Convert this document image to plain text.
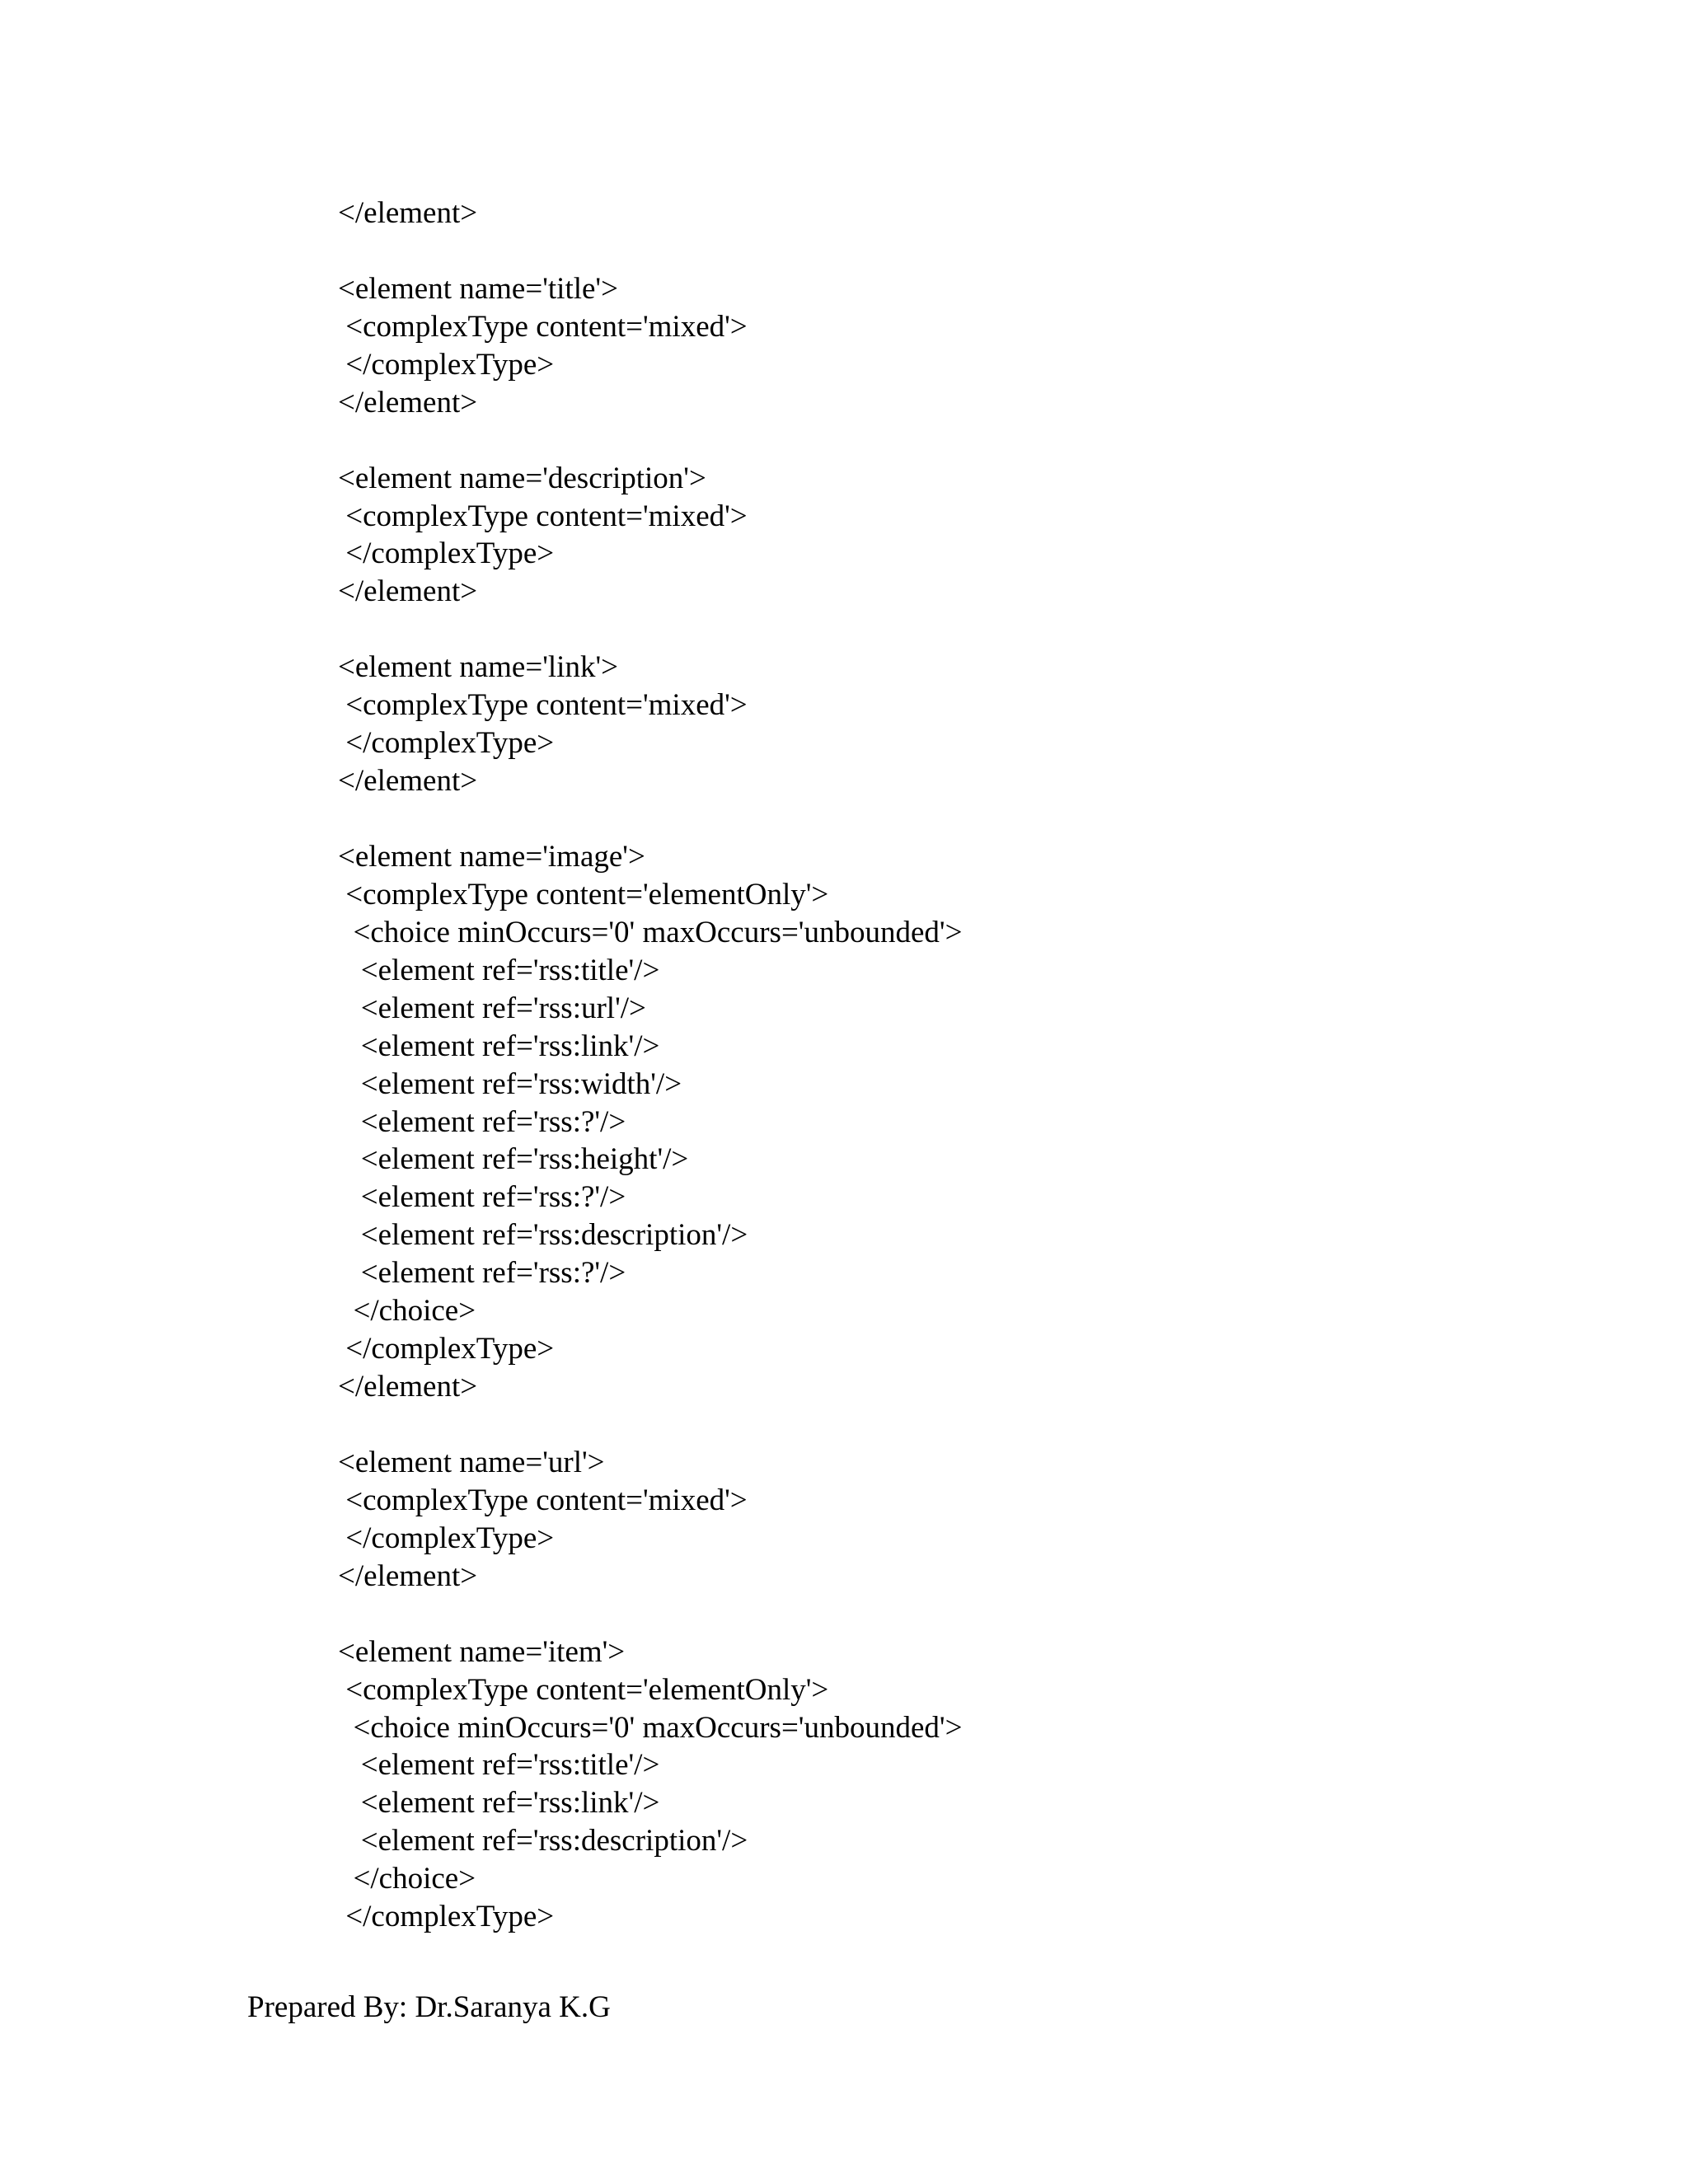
</element>
<element name='title'>
<complexType content='mixed'>
</complexType>
</element>
<element name='description'>
<complexType content='mixed'>
</complexType>
</element>
<element name='link'>
<complexType content='mixed'>
</complexType>
</element>
<element name='image'>
<complexType content='elementOnly'>
<choice minOccurs='0' maxOccurs='unbounded'>
<element ref='rss:title'/>
<element ref='rss:url'/>
<element ref='rss:link'/>
<element ref='rss:width'/>
<element ref='rss:?'/>
<element ref='rss:height'/>
<element ref='rss:?'/>
<element ref='rss:description'/>
<element ref='rss:?'/>
</choice>
</complexType>
</element>
<element name='url'>
<complexType content='mixed'>
</complexType>
</element>
<element name='item'>
<complexType content='elementOnly'>
<choice minOccurs='0' maxOccurs='unbounded'>
<element ref='rss:title'/>
<element ref='rss:link'/>
<element ref='rss:description'/>
</choice>
</complexType>
Prepared By: Dr.Saranya K.G
